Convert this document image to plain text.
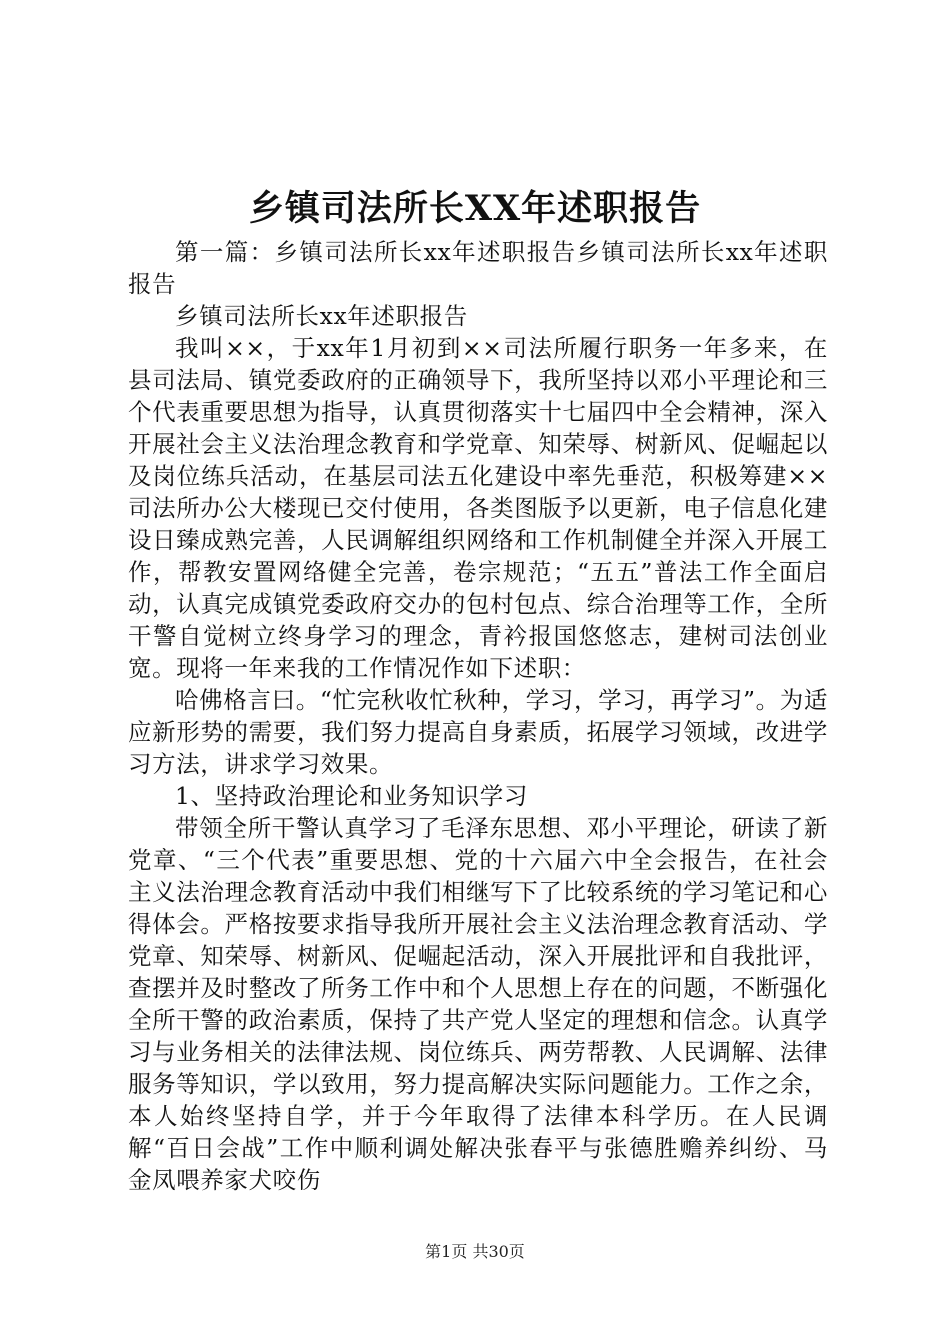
乡镇司法所长XX年述职报告

第一篇：乡镇司法所长xx年述职报告乡镇司法所长xx年述职报告

乡镇司法所长xx年述职报告

我叫××，于xx年1月初到××司法所履行职务一年多来，在县司法局、镇党委政府的正确领导下，我所坚持以邓小平理论和三个代表重要思想为指导，认真贯彻落实十七届四中全会精神，深入开展社会主义法治理念教育和学党章、知荣辱、树新风、促崛起以及岗位练兵活动，在基层司法五化建设中率先垂范，积极筹建××司法所办公大楼现已交付使用，各类图版予以更新，电子信息化建设日臻成熟完善，人民调解组织网络和工作机制健全并深入开展工作，帮教安置网络健全完善，卷宗规范；“五五”普法工作全面启动，认真完成镇党委政府交办的包村包点、综合治理等工作，全所干警自觉树立终身学习的理念，青衿报国悠悠志，建树司法创业宽。现将一年来我的工作情况作如下述职：

哈佛格言曰。“忙完秋收忙秋种，学习，学习，再学习”。为适应新形势的需要，我们努力提高自身素质，拓展学习领域，改进学习方法，讲求学习效果。

1、坚持政治理论和业务知识学习

带领全所干警认真学习了毛泽东思想、邓小平理论，研读了新党章、“三个代表”重要思想、党的十六届六中全会报告，在社会主义法治理念教育活动中我们相继写下了比较系统的学习笔记和心得体会。严格按要求指导我所开展社会主义法治理念教育活动、学党章、知荣辱、树新风、促崛起活动，深入开展批评和自我批评，查摆并及时整改了所务工作中和个人思想上存在的问题，不断强化全所干警的政治素质，保持了共产党人坚定的理想和信念。认真学习与业务相关的法律法规、岗位练兵、两劳帮教、人民调解、法律服务等知识，学以致用，努力提高解决实际问题能力。工作之余，本人始终坚持自学，并于今年取得了法律本科学历。在人民调解“百日会战”工作中顺利调处解决张春平与张德胜赡养纠纷、马金凤喂养家犬咬伤

第1页 共30页
